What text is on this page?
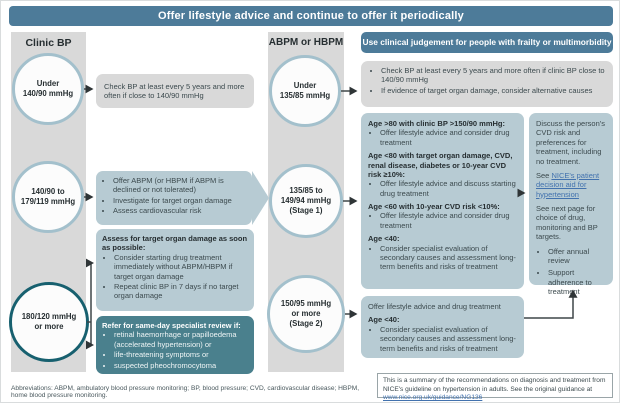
Offer lifestyle advice and continue to offer it periodically
Clinic BP	ABPM or HBPM
Under
140/90 mmHg
140/90 to
179/119 mmHg
180/120 mmHg
or more
Under
135/85 mmHg
135/85 to
149/94 mmHg
(Stage 1)
150/95 mmHg
or more
(Stage 2)
Check BP at least every 5 years and more often if close to 140/90 mmHg
• Offer ABPM (or HBPM if ABPM is declined or not tolerated)
• Investigate for target organ damage
• Assess cardiovascular risk
Assess for target organ damage as soon as possible:
• Consider starting drug treatment immediately without ABPM/HBPM if target organ damage
• Repeat clinic BP in 7 days if no target organ damage
Refer for same-day specialist review if:
• retinal haemorrhage or papilloedema (accelerated hypertension) or
• life-threatening symptoms or
• suspected pheochromocytoma
Use clinical judgement for people with frailty or multimorbidity
• Check BP at least every 5 years and more often if clinic BP close to 140/90 mmHg
• If evidence of target organ damage, consider alternative causes
Age >80 with clinic BP >150/90 mmHg:
• Offer lifestyle advice and consider drug treatment
Age <80 with target organ damage, CVD, renal disease, diabetes or 10-year CVD risk ≥10%:
• Offer lifestyle advice and discuss starting drug treatment
Age <60 with 10-year CVD risk <10%:
• Offer lifestyle advice and consider drug treatment
Age <40:
• Consider specialist evaluation of secondary causes and assessment long-term benefits and risks of treatment
Offer lifestyle advice and drug treatment
Age <40:
• Consider specialist evaluation of secondary causes and assessment long-term benefits and risks of treatment
Discuss the person's CVD risk and preferences for treatment, including no treatment.
See NICE's patient decision aid for hypertension
See next page for choice of drug, monitoring and BP targets.
• Offer annual review
• Support adherence to treatment
Abbreviations: ABPM, ambulatory blood pressure monitoring; BP, blood pressure; CVD, cardiovascular disease; HBPM, home blood pressure monitoring.
This is a summary of the recommendations on diagnosis and treatment from NICE's guideline on hypertension in adults. See the original guidance at www.nice.org.uk/guidance/NG136
